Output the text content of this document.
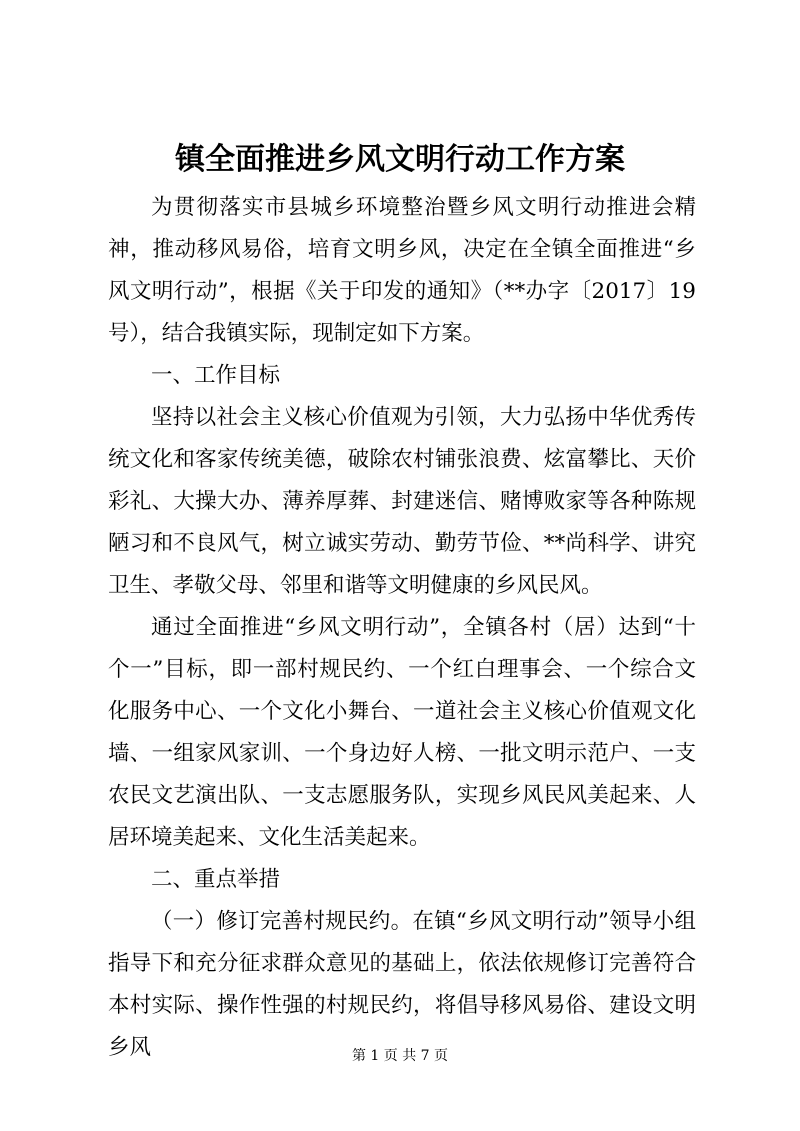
镇全面推进乡风文明行动工作方案

为贯彻落实市县城乡环境整治暨乡风文明行动推进会精神，推动移风易俗，培育文明乡风，决定在全镇全面推进“乡风文明行动”，根据《关于印发的通知》（**办字〔2017〕19号），结合我镇实际，现制定如下方案。

一、工作目标

坚持以社会主义核心价值观为引领，大力弘扬中华优秀传统文化和客家传统美德，破除农村铺张浪费、炫富攀比、天价彩礼、大操大办、薄养厚葬、封建迷信、赌博败家等各种陈规陋习和不良风气，树立诚实劳动、勤劳节俭、**尚科学、讲究卫生、孝敬父母、邻里和谐等文明健康的乡风民风。

通过全面推进“乡风文明行动”，全镇各村（居）达到“十个一”目标，即一部村规民约、一个红白理事会、一个综合文化服务中心、一个文化小舞台、一道社会主义核心价值观文化墙、一组家风家训、一个身边好人榜、一批文明示范户、一支农民文艺演出队、一支志愿服务队，实现乡风民风美起来、人居环境美起来、文化生活美起来。

二、重点举措

（一）修订完善村规民约。在镇“乡风文明行动”领导小组指导下和充分征求群众意见的基础上，依法依规修订完善符合本村实际、操作性强的村规民约，将倡导移风易俗、建设文明乡风	第 1 页 共 7 页
